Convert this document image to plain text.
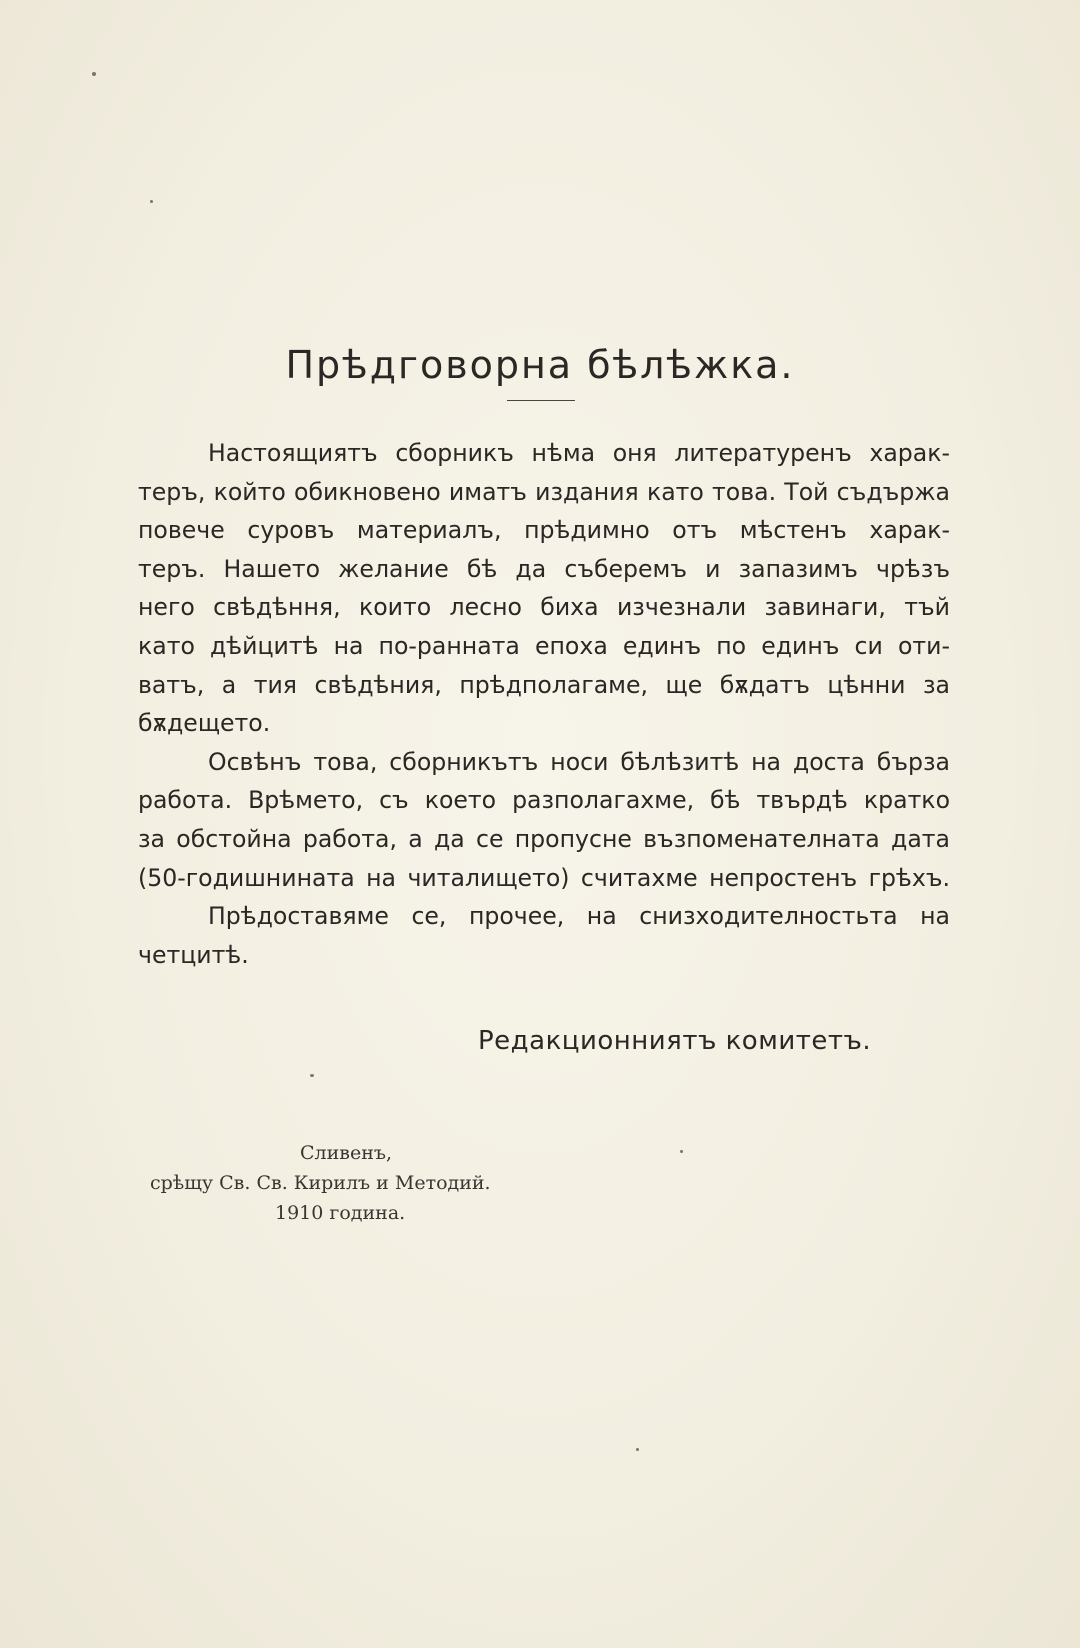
Прѣдговорна бѣлѣжка.

Настоящиятъ сборникъ нѣма оня литературенъ харак-

теръ, който обикновено иматъ издания като това. Той съдържа

повече суровъ материалъ, прѣдимно отъ мѣстенъ харак-

теръ. Нашето желание бѣ да съберемъ и запазимъ чрѣзъ

него свѣдѣння, които лесно биха изчезнали завинаги, тъй

като дѣйцитѣ на по-ранната епоха единъ по единъ си оти-

ватъ, а тия свѣдѣния, прѣдполагаме, ще бѫдатъ цѣнни за

бѫдещето.

Освѣнъ това, сборникътъ носи бѣлѣзитѣ на доста бърза

работа. Врѣмето, съ което разполагахме, бѣ твърдѣ кратко

за обстойна работа, а да се пропусне възпоменателната дата

(50-годишнината на читалището) считахме непростенъ грѣхъ.

Прѣдоставяме се, прочее, на снизходителностьта на

четцитѣ.

Редакционниятъ комитетъ.
Сливенъ,
срѣщу Св. Св. Кирилъ и Методий.
1910 година.
